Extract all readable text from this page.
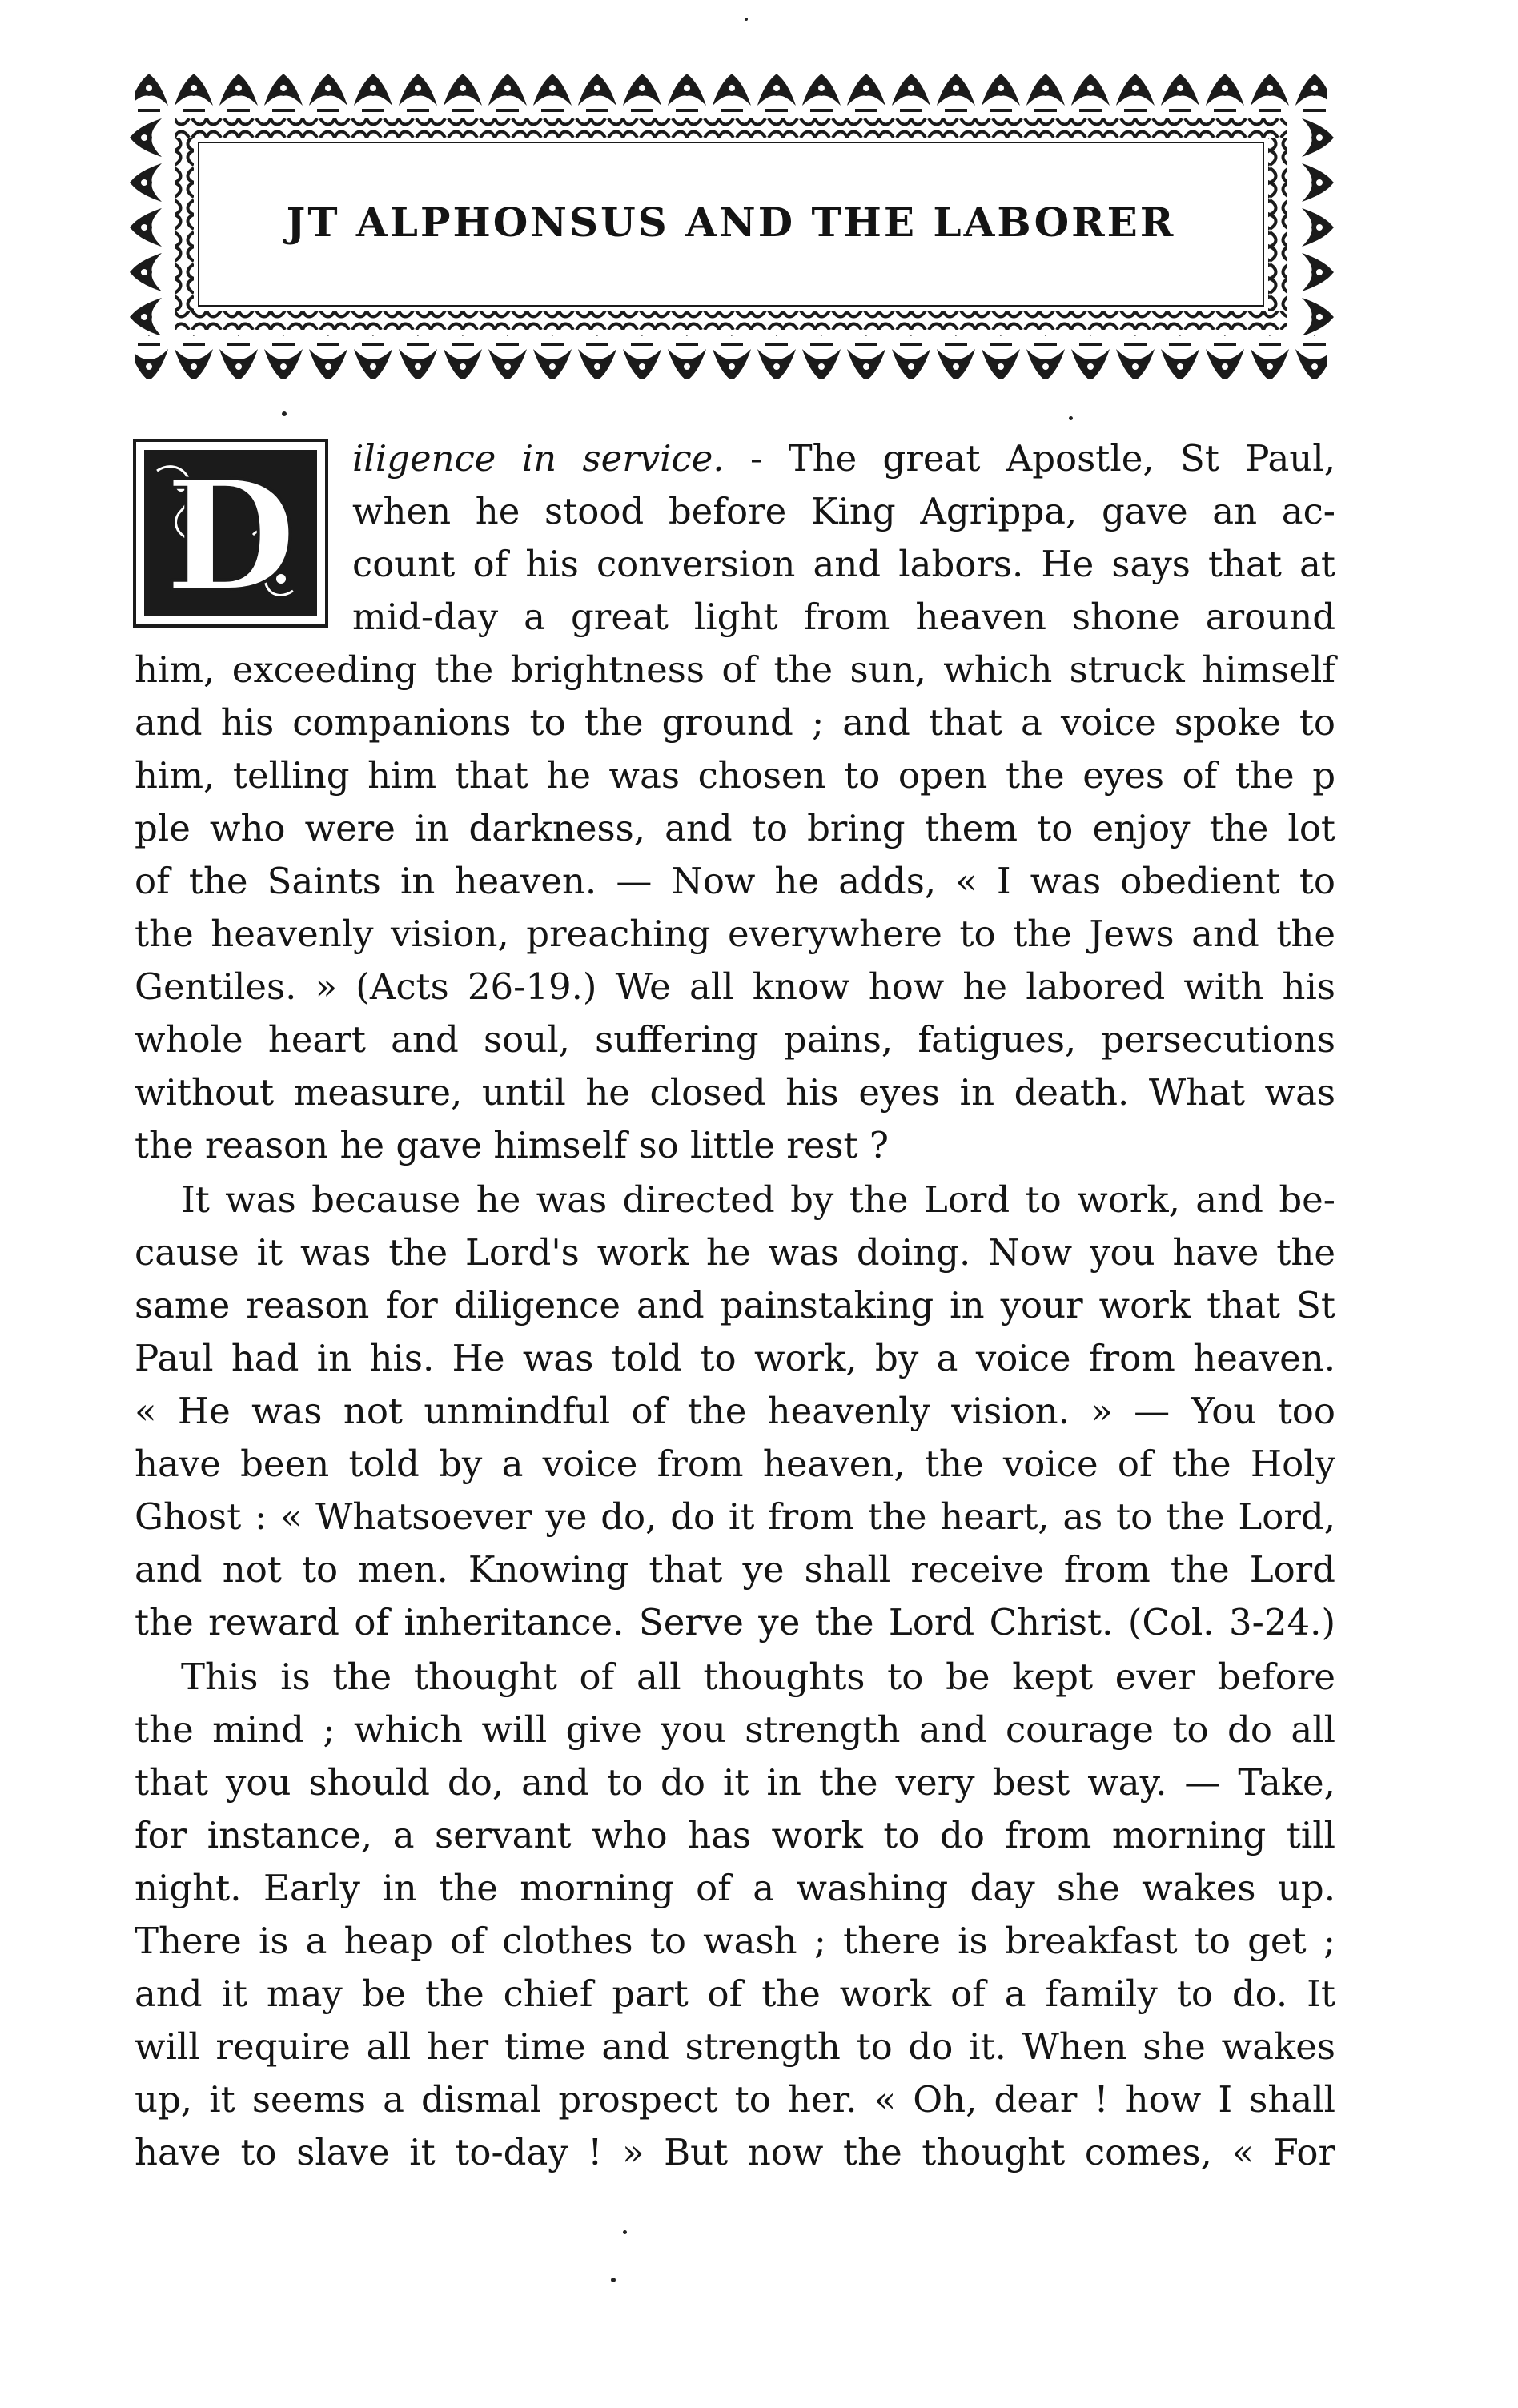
JT ALPHONSUS AND THE LABORER
D iligence in service. - The great Apostle, St Paul,
when he stood before King Agrippa, gave an ac-
count of his conversion and labors. He says that at
mid-day a great light from heaven shone around
him, exceeding the brightness of the sun, which struck himself
and his companions to the ground ; and that a voice spoke to
him, telling him that he was chosen to open the eyes of the p
ple who were in darkness, and to bring them to enjoy the lot
of the Saints in heaven. — Now he adds, « I was obedient to
the heavenly vision, preaching everywhere to the Jews and the
Gentiles. » (Acts 26-19.) We all know how he labored with his
whole heart and soul, suffering pains, fatigues, persecutions
without measure, until he closed his eyes in death. What was
the reason he gave himself so little rest ?
It was because he was directed by the Lord to work, and be-
cause it was the Lord's work he was doing. Now you have the
same reason for diligence and painstaking in your work that St
Paul had in his. He was told to work, by a voice from heaven.
« He was not unmindful of the heavenly vision. » — You too
have been told by a voice from heaven, the voice of the Holy
Ghost : « Whatsoever ye do, do it from the heart, as to the Lord,
and not to men. Knowing that ye shall receive from the Lord
the reward of inheritance. Serve ye the Lord Christ. (Col. 3-24.)
This is the thought of all thoughts to be kept ever before
the mind ; which will give you strength and courage to do all
that you should do, and to do it in the very best way. — Take,
for instance, a servant who has work to do from morning till
night. Early in the morning of a washing day she wakes up.
There is a heap of clothes to wash ; there is breakfast to get ;
and it may be the chief part of the work of a family to do. It
will require all her time and strength to do it. When she wakes
up, it seems a dismal prospect to her. « Oh, dear ! how I shall
have to slave it to-day ! » But now the thought comes, « For
